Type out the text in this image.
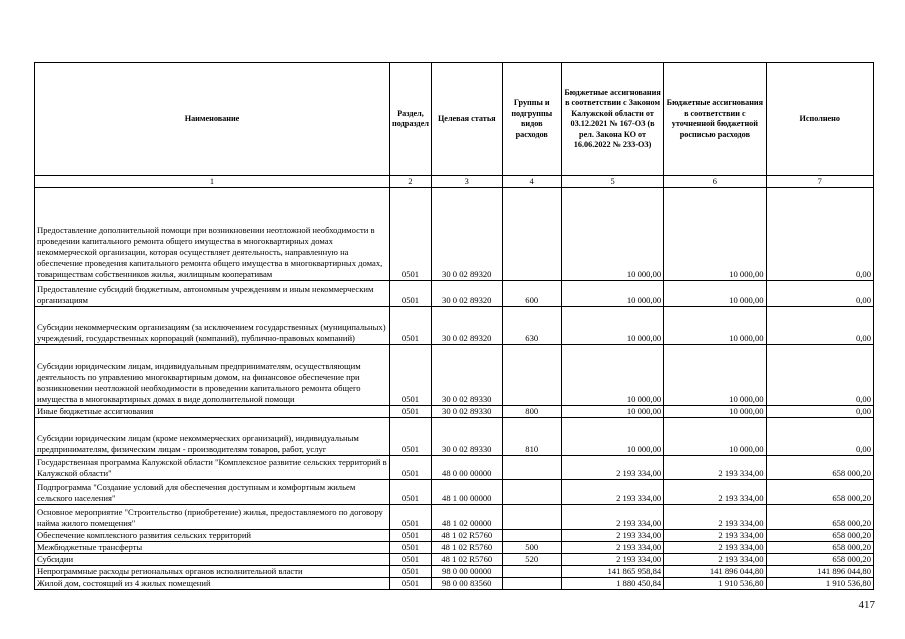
Наименование	Раздел, подраздел	Целевая статья	Группы и подгруппы видов расходов	Бюджетные ассигнования в соответствии с Законом Калужской области от 03.12.2021 № 167-ОЗ (в рел. Закона КО от 16.06.2022 № 233-ОЗ)	Бюджетные ассигнования в соответствии с уточненной бюджетной росписью расходов	Исполнено
1	2	3	4	5	6	7
Предоставление дополнительной помощи при возникновении неотложной необходимости в проведении капитального ремонта общего имущества в многоквартирных домах некоммерческой организации, которая осуществляет деятельность, направленную на обеспечение проведения капитального ремонта общего имущества в многоквартирных домах, товариществам собственников жилья, жилищным кооперативам	0501	30 0 02 89320		10 000,00	10 000,00	0,00
Предоставление субсидий бюджетным, автономным учреждениям и иным некоммерческим организациям	0501	30 0 02 89320	600	10 000,00	10 000,00	0,00
Субсидии некоммерческим организациям (за исключением государственных (муниципальных) учреждений, государственных корпораций (компаний), публично-правовых компаний)	0501	30 0 02 89320	630	10 000,00	10 000,00	0,00
Субсидии юридическим лицам, индивидуальным предпринимателям, осуществляющим деятельность по управлению многоквартирным домом, на финансовое обеспечение при возникновении неотложной необходимости в проведении капитального ремонта общего имущества в многоквартирных домах в виде дополнительной помощи	0501	30 0 02 89330		10 000,00	10 000,00	0,00
Иные бюджетные ассигнования	0501	30 0 02 89330	800	10 000,00	10 000,00	0,00
Субсидии юридическим лицам (кроме некоммерческих организаций), индивидуальным предпринимателям, физическим лицам - производителям товаров, работ, услуг	0501	30 0 02 89330	810	10 000,00	10 000,00	0,00
Государственная программа Калужской области "Комплексное развитие сельских территорий в Калужской области"	0501	48 0 00 00000		2 193 334,00	2 193 334,00	658 000,20
Подпрограмма "Создание условий для обеспечения доступным и комфортным жильем сельского населения"	0501	48 1 00 00000		2 193 334,00	2 193 334,00	658 000,20
Основное мероприятие "Строительство (приобретение) жилья, предоставляемого по договору найма жилого помещения"	0501	48 1 02 00000		2 193 334,00	2 193 334,00	658 000,20
Обеспечение комплексного развития сельских территорий	0501	48 1 02 R5760		2 193 334,00	2 193 334,00	658 000,20
Межбюджетные трансферты	0501	48 1 02 R5760	500	2 193 334,00	2 193 334,00	658 000,20
Субсидии	0501	48 1 02 R5760	520	2 193 334,00	2 193 334,00	658 000,20
Непрограммные расходы региональных органов исполнительной власти	0501	98 0 00 00000		141 865 958,84	141 896 044,80	141 896 044,80
Жилой дом, состоящий из 4 жилых помещений	0501	98 0 00 83560		1 880 450,84	1 910 536,80	1 910 536,80
417
